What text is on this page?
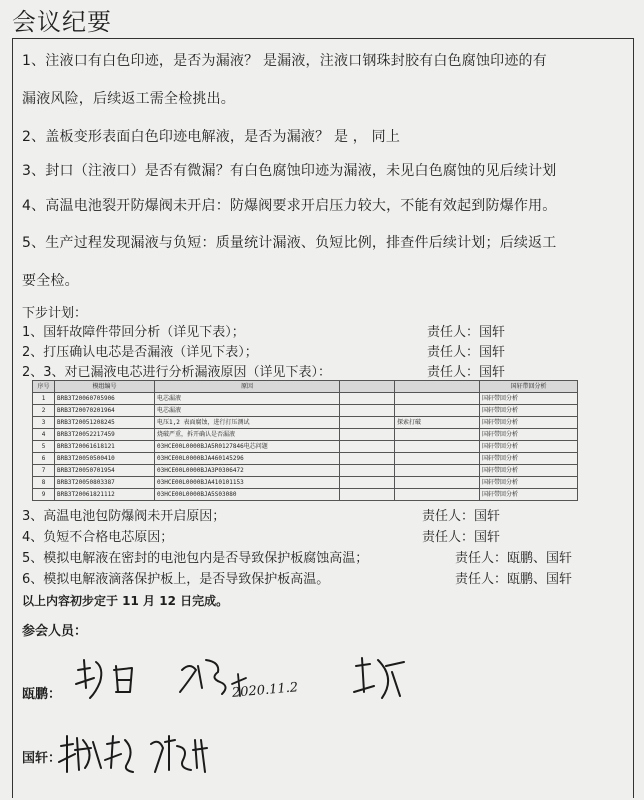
会议纪要
1、注液口有白色印迹，是否为漏液？ 是漏液，注液口钢珠封胶有白色腐蚀印迹的有
漏液风险，后续返工需全检挑出。
2、盖板变形表面白色印迹电解液，是否为漏液？ 是 ， 同上
3、封口（注液口）是否有微漏？有白色腐蚀印迹为漏液，未见白色腐蚀的见后续计划
4、高温电池裂开防爆阀未开启：防爆阀要求开启压力较大，不能有效起到防爆作用。
5、生产过程发现漏液与负短：质量统计漏液、负短比例，排查件后续计划；后续返工
要全检。
下步计划：
1、国轩故障件带回分析（详见下表）；	责任人：国轩
2、打压确认电芯是否漏液（详见下表）；	责任人：国轩
2、3、对已漏液电芯进行分析漏液原因（详见下表）：	责任人：国轩
序号	模组编号	原因			国轩带回分析
1	BRB3T20060705906	电芯漏液			国轩带回分析
2	BRB3T20070201964	电芯漏液			国轩带回分析
3	BRB3T20051208245	电压1,2 表面腐蚀，进行打压测试		探索打破	国轩带回分析
4	BRB3T20052217459	烧破严重，拆开确认是否漏液			国轩带回分析
5	BRB3T20061618121	03HCE00L0000BJA5R0127846电芯问题			国轩带回分析
6	BRB3T20050500410	03HCE00L0000BJA460145296			国轩带回分析
7	BRB3T20050701954	03HCE00L0000BJA3P0306472			国轩带回分析
8	BRB3T20050803387	03HCE00L0000BJA410101153			国轩带回分析
9	BRB3T20061821112	03HCE00L0000BJA5S03080			国轩带回分析
3、高温电池包防爆阀未开启原因；	责任人：国轩
4、负短不合格电芯原因；	责任人：国轩
5、模拟电解液在密封的电池包内是否导致保护板腐蚀高温；	责任人：瓯鹏、国轩
6、模拟电解液滴落保护板上，是否导致保护板高温。	责任人：瓯鹏、国轩
以上内容初步定于 11 月 12 日完成。
参会人员：
瓯鹏：	2020.11.2
国轩：
